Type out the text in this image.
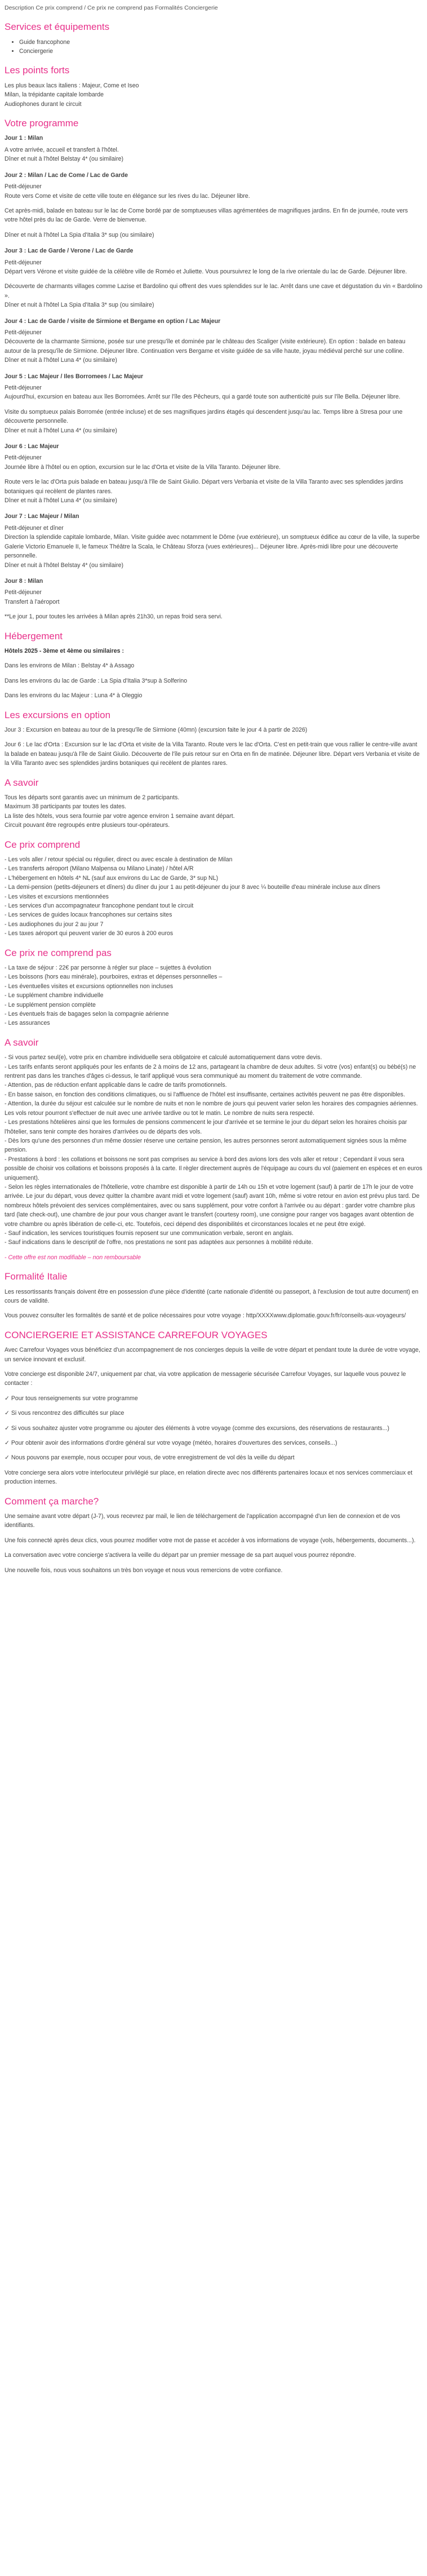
Description Ce prix comprend / Ce prix ne comprend pas Formalités Conciergerie
Services et équipements
• Guide francophone
• Conciergerie
Les points forts

Les plus beaux lacs italiens : Majeur, Come et Iseo

Milan, la trépidante capitale lombarde

Audiophones durant le circuit

Votre programme
Jour 1 : Milan

A votre arrivée, accueil et transfert à l'hôtel.
Dîner et nuit à l'hôtel Belstay 4* (ou similaire)

Jour 2 : Milan / Lac de Come / Lac de Garde

Petit-déjeuner
Route vers Come et visite de cette ville toute en élégance sur les rives du lac. Déjeuner libre.

Cet après-midi, balade en bateau sur le lac de Come bordé par de somptueuses villas agrémentées de magnifiques jardins. En fin de journée, route vers votre hôtel près du lac de Garde. Verre de bienvenue.

Dîner et nuit à l'hôtel La Spia d'Italia 3* sup (ou similaire)

Jour 3 : Lac de Garde / Verone / Lac de Garde

Petit-déjeuner
Départ vers Vérone et visite guidée de la célèbre ville de Roméo et Juliette. Vous poursuivrez le long de la rive orientale du lac de Garde. Déjeuner libre.

Découverte de charmants villages comme Lazise et Bardolino qui offrent des vues splendides sur le lac. Arrêt dans une cave et dégustation du vin « Bardolino ».
Dîner et nuit à l'hôtel La Spia d'Italia 3* sup (ou similaire)

Jour 4 : Lac de Garde / visite de Sirmione et Bergame en option / Lac Majeur

Petit-déjeuner
Découverte de la charmante Sirmione, posée sur une presqu'île et dominée par le château des Scaliger (visite extérieure). En option : balade en bateau autour de la presqu'île de Sirmione. Déjeuner libre. Continuation vers Bergame et visite guidée de sa ville haute, joyau médiéval perché sur une colline.
Dîner et nuit à l'hôtel Luna 4* (ou similaire)

Jour 5 : Lac Majeur / Iles Borromees / Lac Majeur

Petit-déjeuner
Aujourd'hui, excursion en bateau aux îles Borromées. Arrêt sur l'île des Pêcheurs, qui a gardé toute son authenticité puis sur l'île Bella. Déjeuner libre.

Visite du somptueux palais Borromée (entrée incluse) et de ses magnifiques jardins étagés qui descendent jusqu'au lac. Temps libre à Stresa pour une découverte personnelle.
Dîner et nuit à l'hôtel Luna 4* (ou similaire)

Jour 6 : Lac Majeur

Petit-déjeuner
Journée libre à l'hôtel ou en option, excursion sur le lac d'Orta et visite de la Villa Taranto. Déjeuner libre.

Route vers le lac d'Orta puis balade en bateau jusqu'à l'île de Saint Giulio. Départ vers Verbania et visite de la Villa Taranto avec ses splendides jardins botaniques qui recèlent de plantes rares.
Dîner et nuit à l'hôtel Luna 4* (ou similaire)

Jour 7 : Lac Majeur / Milan

Petit-déjeuner et dîner
Direction la splendide capitale lombarde, Milan. Visite guidée avec notamment le Dôme (vue extérieure), un somptueux édifice au cœur de la ville, la superbe Galerie Victorio Emanuele II, le fameux Théâtre la Scala, le Château Sforza (vues extérieures)... Déjeuner libre. Après-midi libre pour une découverte personnelle.
Dîner et nuit à l'hôtel Belstay 4* (ou similaire)

Jour 8 : Milan

Petit-déjeuner
Transfert à l'aéroport

**Le jour 1, pour toutes les arrivées à Milan après 21h30, un repas froid sera servi.

Hébergement

Hôtels 2025 - 3ème et 4ème ou similaires :

Dans les environs de Milan : Belstay 4* à Assago

Dans les environs du lac de Garde : La Spia d'Italia 3*sup à Solferino

Dans les environs du lac Majeur : Luna 4* à Oleggio

Les excursions en option

Jour 3 : Excursion en bateau au tour de la presqu'île de Sirmione (40mn) (excursion faite le jour 4 à partir de 2026)

Jour 6 : Le lac d'Orta : Excursion sur le lac d'Orta et visite de la Villa Taranto. Route vers le lac d'Orta. C'est en petit-train que vous rallier le centre-ville avant la balade en bateau jusqu'à l'île de Saint Giulio. Découverte de l'île puis retour sur en Orta en fin de matinée. Déjeuner libre. Départ vers Verbania et visite de la Villa Taranto avec ses splendides jardins botaniques qui recèlent de plantes rares.

A savoir

Tous les départs sont garantis avec un minimum de 2 participants.
Maximum 38 participants par toutes les dates.
La liste des hôtels, vous sera fournie par votre agence environ 1 semaine avant départ.
Circuit pouvant être regroupés entre plusieurs tour-opérateurs.

Ce prix comprend

- Les vols aller / retour spécial ou régulier, direct ou avec escale à destination de Milan

- Les transferts aéroport (Milano Malpensa ou Milano Linate) / hôtel A/R

- L'hébergement en hôtels 4* NL (sauf aux environs du Lac de Garde, 3* sup NL)

- La demi-pension (petits-déjeuners et dîners) du dîner du jour 1 au petit-déjeuner du jour 8 avec ¼ bouteille d'eau minérale incluse aux dîners

- Les visites et excursions mentionnées

- Les services d'un accompagnateur francophone pendant tout le circuit

- Les services de guides locaux francophones sur certains sites

- Les audiophones du jour 2 au jour 7

- Les taxes aéroport qui peuvent varier de 30 euros à 200 euros

Ce prix ne comprend pas

- La taxe de séjour : 22€ par personne à régler sur place – sujettes à évolution

- Les boissons (hors eau minérale), pourboires, extras et dépenses personnelles –

- Les éventuelles visites et excursions optionnelles non incluses

- Le supplément chambre individuelle

- Le supplément pension complète

- Les éventuels frais de bagages selon la compagnie aérienne

- Les assurances

A savoir

- Si vous partez seul(e), votre prix en chambre individuelle sera obligatoire et calculé automatiquement dans votre devis.
- Les tarifs enfants seront appliqués pour les enfants de 2 à moins de 12 ans, partageant la chambre de deux adultes. Si votre (vos) enfant(s) ou bébé(s) ne rentrent pas dans les tranches d'âges ci-dessus, le tarif appliqué vous sera communiqué au moment du traitement de votre commande.
- Attention, pas de réduction enfant applicable dans le cadre de tarifs promotionnels.
- En basse saison, en fonction des conditions climatiques, ou si l'affluence de l'hôtel est insuffisante, certaines activités peuvent ne pas être disponibles.
- Attention, la durée du séjour est calculée sur le nombre de nuits et non le nombre de jours qui peuvent varier selon les horaires des compagnies aériennes. Les vols retour pourront s'effectuer de nuit avec une arrivée tardive ou tot le matin. Le nombre de nuits sera respecté.
- Les prestations hôtelières ainsi que les formules de pensions commencent le jour d'arrivée et se termine le jour du départ selon les horaires choisis par l'hôtelier, sans tenir compte des horaires d'arrivées ou de départs des vols.
- Dès lors qu'une des personnes d'un même dossier réserve une certaine pension, les autres personnes seront automatiquement signées sous la même pension.
- Prestations à bord : les collations et boissons ne sont pas comprises au service à bord des avions lors des vols aller et retour ; Cependant il vous sera possible de choisir vos collations et boissons proposés à la carte. Il règler directement auprès de l'équipage au cours du vol (paiement en espèces et en euros uniquement).
- Selon les règles internationales de l'hôtellerie, votre chambre est disponible à partir de 14h ou 15h et votre logement (sauf) à partir de 17h le jour de votre arrivée. Le jour du départ, vous devez quitter la chambre avant midi et votre logement (sauf) avant 10h, même si votre retour en avion est prévu plus tard. De nombreux hôtels prévoient des services complémentaires, avec ou sans supplément, pour votre confort à l'arrivée ou au départ : garder votre chambre plus tard (late check-out), une chambre de jour pour vous changer avant le transfert (courtesy room), une consigne pour ranger vos bagages avant obtention de votre chambre ou après libération de celle-ci, etc. Toutefois, ceci dépend des disponibilités et circonstances locales et ne peut être exigé.
- Sauf indication, les services touristiques fournis reposent sur une communication verbale, seront en anglais.
- Sauf indications dans le descriptif de l'offre, nos prestations ne sont pas adaptées aux personnes à mobilité réduite.

- Cette offre est non modifiable – non remboursable

Formalité Italie

Les ressortissants français doivent être en possession d'une pièce d'identité (carte nationale d'identité ou passeport, à l'exclusion de tout autre document) en cours de validité.

Vous pouvez consulter les formalités de santé et de police nécessaires pour votre voyage : http/XXXXwww.diplomatie.gouv.fr/fr/conseils-aux-voyageurs/

CONCIERGERIE ET ASSISTANCE CARREFOUR VOYAGES

Avec Carrefour Voyages vous bénéficiez d'un accompagnement de nos concierges depuis la veille de votre départ et pendant toute la durée de votre voyage, un service innovant et exclusif.

Votre concierge est disponible 24/7, uniquement par chat, via votre application de messagerie sécurisée Carrefour Voyages, sur laquelle vous pouvez le contacter :

✓ Pour tous renseignements sur votre programme

✓ Si vous rencontrez des difficultés sur place

✓ Si vous souhaitez ajuster votre programme ou ajouter des éléments à votre voyage (comme des excursions, des réservations de restaurants...)

✓ Pour obtenir avoir des informations d'ordre général sur votre voyage (météo, horaires d'ouvertures des services, conseils...)

✓ Nous pouvons par exemple, nous occuper pour vous, de votre enregistrement de vol dès la veille du départ

Votre concierge sera alors votre interlocuteur privilégié sur place, en relation directe avec nos différents partenaires locaux et nos services commerciaux et production internes.

Comment ça marche?

Une semaine avant votre départ (J-7), vous recevrez par mail, le lien de téléchargement de l'application accompagné d'un lien de connexion et de vos identifiants.

Une fois connecté après deux clics, vous pourrez modifier votre mot de passe et accéder à vos informations de voyage (vols, hébergements, documents...).

La conversation avec votre concierge s'activera la veille du départ par un premier message de sa part auquel vous pourrez répondre.

Une nouvelle fois, nous vous souhaitons un très bon voyage et nous vous remercions de votre confiance.
